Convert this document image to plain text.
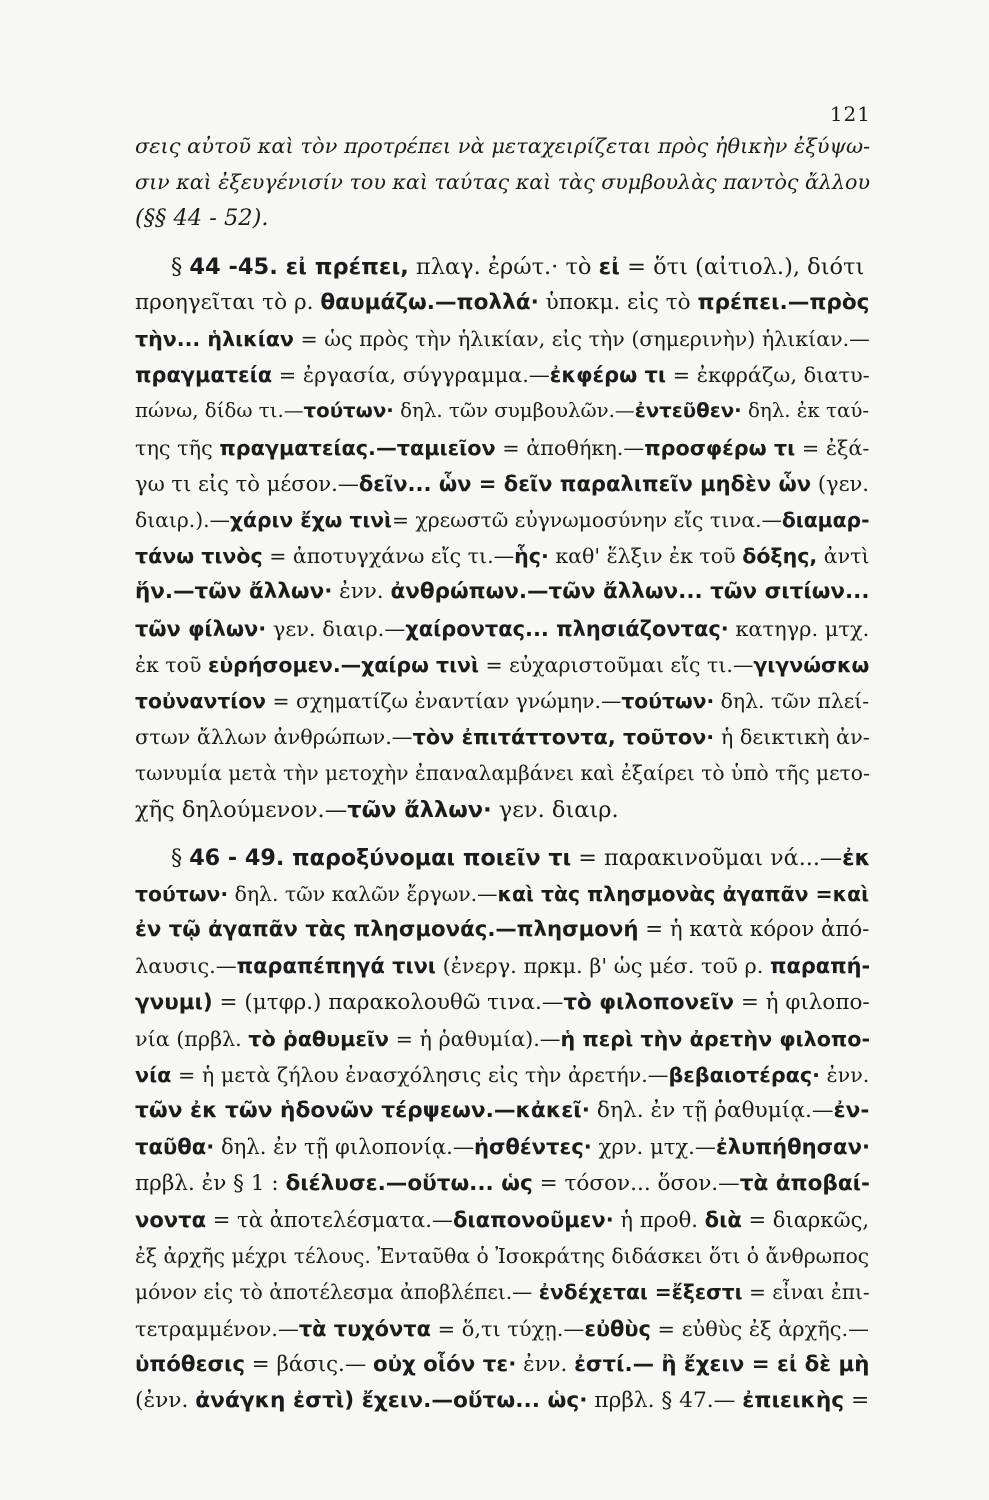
121
σεις αὐτοῦ καὶ τὸν προτρέπει νὰ μεταχειρίζεται πρὸς ἠθικὴν ἐξύψω-
σιν καὶ ἐξευγένισίν του καὶ ταύτας καὶ τὰς συμβουλὰς παντὸς ἄλλου
(§§ 44 - 52).
§ 44 -45. εἰ πρέπει, πλαγ. ἐρώτ.· τὸ εἰ = ὅτι (αἰτιολ.), διότι
προηγεῖται τὸ ρ. θαυμάζω.—πολλά· ὑποκμ. εἰς τὸ πρέπει.—πρὸς
τὴν... ἡλικίαν = ὡς πρὸς τὴν ἡλικίαν, εἰς τὴν (σημερινὴν) ἡλικίαν.—
πραγματεία = ἐργασία, σύγγραμμα.—ἐκφέρω τι = ἐκφράζω, διατυ-
πώνω, δίδω τι.—τούτων· δηλ. τῶν συμβουλῶν.—ἐντεῦθεν· δηλ. ἐκ ταύ-
της τῆς πραγματείας.—ταμιεῖον = ἀποθήκη.—προσφέρω τι = ἐξά-
γω τι εἰς τὸ μέσον.—δεῖν... ὧν = δεῖν παραλιπεῖν μηδὲν ὧν (γεν.
διαιρ.).—χάριν ἔχω τινὶ= χρεωστῶ εὐγνωμοσύνην εἴς τινα.—διαμαρ-
τάνω τινὸς = ἀποτυγχάνω εἴς τι.—ἧς· καθ' ἕλξιν ἐκ τοῦ δόξης, ἀντὶ
ἥν.—τῶν ἄλλων· ἐνν. ἀνθρώπων.—τῶν ἄλλων... τῶν σιτίων...
τῶν φίλων· γεν. διαιρ.—χαίροντας... πλησιάζοντας· κατηγρ. μτχ.
ἐκ τοῦ εὑρήσομεν.—χαίρω τινὶ = εὐχαριστοῦμαι εἴς τι.—γιγνώσκω
τοὐναντίον = σχηματίζω ἐναντίαν γνώμην.—τούτων· δηλ. τῶν πλεί-
στων ἄλλων ἀνθρώπων.—τὸν ἐπιτάττοντα, τοῦτον· ἡ δεικτικὴ ἀν-
τωνυμία μετὰ τὴν μετοχὴν ἐπαναλαμβάνει καὶ ἐξαίρει τὸ ὑπὸ τῆς μετο-
χῆς δηλούμενον.—τῶν ἄλλων· γεν. διαιρ.
§ 46 - 49. παροξύνομαι ποιεῖν τι = παρακινοῦμαι νά...—ἐκ
τούτων· δηλ. τῶν καλῶν ἔργων.—καὶ τὰς πλησμονὰς ἀγαπᾶν =καὶ
ἐν τῷ ἀγαπᾶν τὰς πλησμονάς.—πλησμονή = ἡ κατὰ κόρον ἀπό-
λαυσις.—παραπέπηγά τινι (ἐνεργ. πρκμ. β' ὡς μέσ. τοῦ ρ. παραπή-
γνυμι) = (μτφρ.) παρακολουθῶ τινα.—τὸ φιλοπονεῖν = ἡ φιλοπο-
νία (πρβλ. τὸ ῥαθυμεῖν = ἡ ῥαθυμία).—ἡ περὶ τὴν ἀρετὴν φιλοπο-
νία = ἡ μετὰ ζήλου ἐνασχόλησις εἰς τὴν ἀρετήν.—βεβαιοτέρας· ἐνν.
τῶν ἐκ τῶν ἡδονῶν τέρψεων.—κἀκεῖ· δηλ. ἐν τῇ ῥαθυμίᾳ.—ἐν-
ταῦθα· δηλ. ἐν τῇ φιλοπονίᾳ.—ἠσθέντες· χρν. μτχ.—ἐλυπήθησαν·
πρβλ. ἐν § 1 : διέλυσε.—οὕτω... ὡς = τόσον... ὅσον.—τὰ ἀποβαί-
νοντα = τὰ ἀποτελέσματα.—διαπονοῦμεν· ἡ προθ. διὰ = διαρκῶς,
ἐξ ἀρχῆς μέχρι τέλους. Ἐνταῦθα ὁ Ἰσοκράτης διδάσκει ὅτι ὁ ἄνθρωπος
μόνον εἰς τὸ ἀποτέλεσμα ἀποβλέπει.— ἐνδέχεται =ἔξεστι = εἶναι ἐπι-
τετραμμένον.—τὰ τυχόντα = ὅ,τι τύχῃ.—εὐθὺς = εὐθὺς ἐξ ἀρχῆς.—
ὑπόθεσις = βάσις.— οὐχ οἷόν τε· ἐνν. ἐστί.— ἢ ἔχειν = εἰ δὲ μὴ
(ἐνν. ἀνάγκη ἐστὶ) ἔχειν.—οὕτω... ὡς· πρβλ. § 47.— ἐπιεικὴς =
